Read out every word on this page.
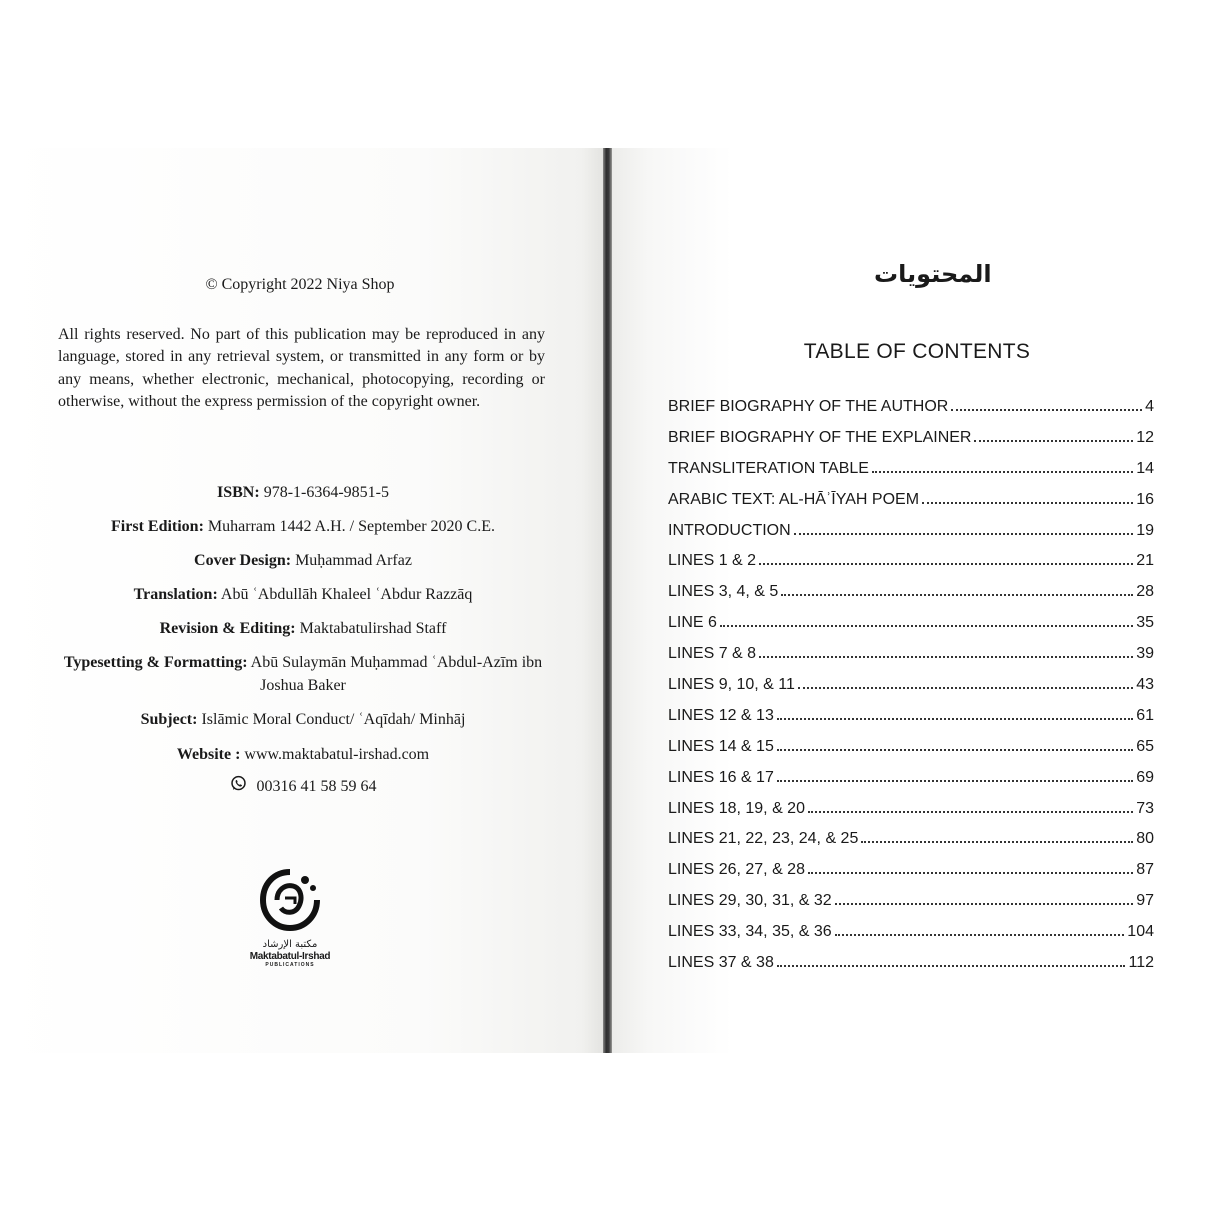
© Copyright 2022 Niya Shop
All rights reserved. No part of this publication may be reproduced in any language, stored in any retrieval system, or transmitted in any form or by any means, whether electronic, mechanical, photocopying, recording or otherwise, without the express permission of the copyright owner.
ISBN: 978-1-6364-9851-5
First Edition: Muharram 1442 A.H. / September 2020 C.E.
Cover Design: Muḥammad Arfaz
Translation: Abū ʿAbdullāh Khaleel ʿAbdur Razzāq
Revision & Editing: Maktabatulirshad Staff
Typesetting & Formatting: Abū Sulaymān Muḥammad ʿAbdul-Azīm ibn Joshua Baker
Subject: Islāmic Moral Conduct/ ʿAqīdah/ Minhāj
Website : www.maktabatul-irshad.com
00316 41 58 59 64
مكتبة الإرشاد
Maktabatul-Irshad
PUBLICATIONS
المحتويات
TABLE OF CONTENTS
BRIEF BIOGRAPHY OF THE AUTHOR	4
BRIEF BIOGRAPHY OF THE EXPLAINER	12
TRANSLITERATION TABLE	14
ARABIC TEXT: AL-HĀʾĪYAH POEM	16
INTRODUCTION	19
LINES 1 & 2	21
LINES 3, 4, & 5	28
LINE 6	35
LINES 7 & 8	39
LINES 9, 10, & 11	43
LINES 12 & 13	61
LINES 14 & 15	65
LINES 16 & 17	69
LINES 18, 19, & 20	73
LINES 21, 22, 23, 24, & 25	80
LINES 26, 27, & 28	87
LINES 29, 30, 31, & 32	97
LINES 33, 34, 35, & 36	104
LINES 37 & 38	112
